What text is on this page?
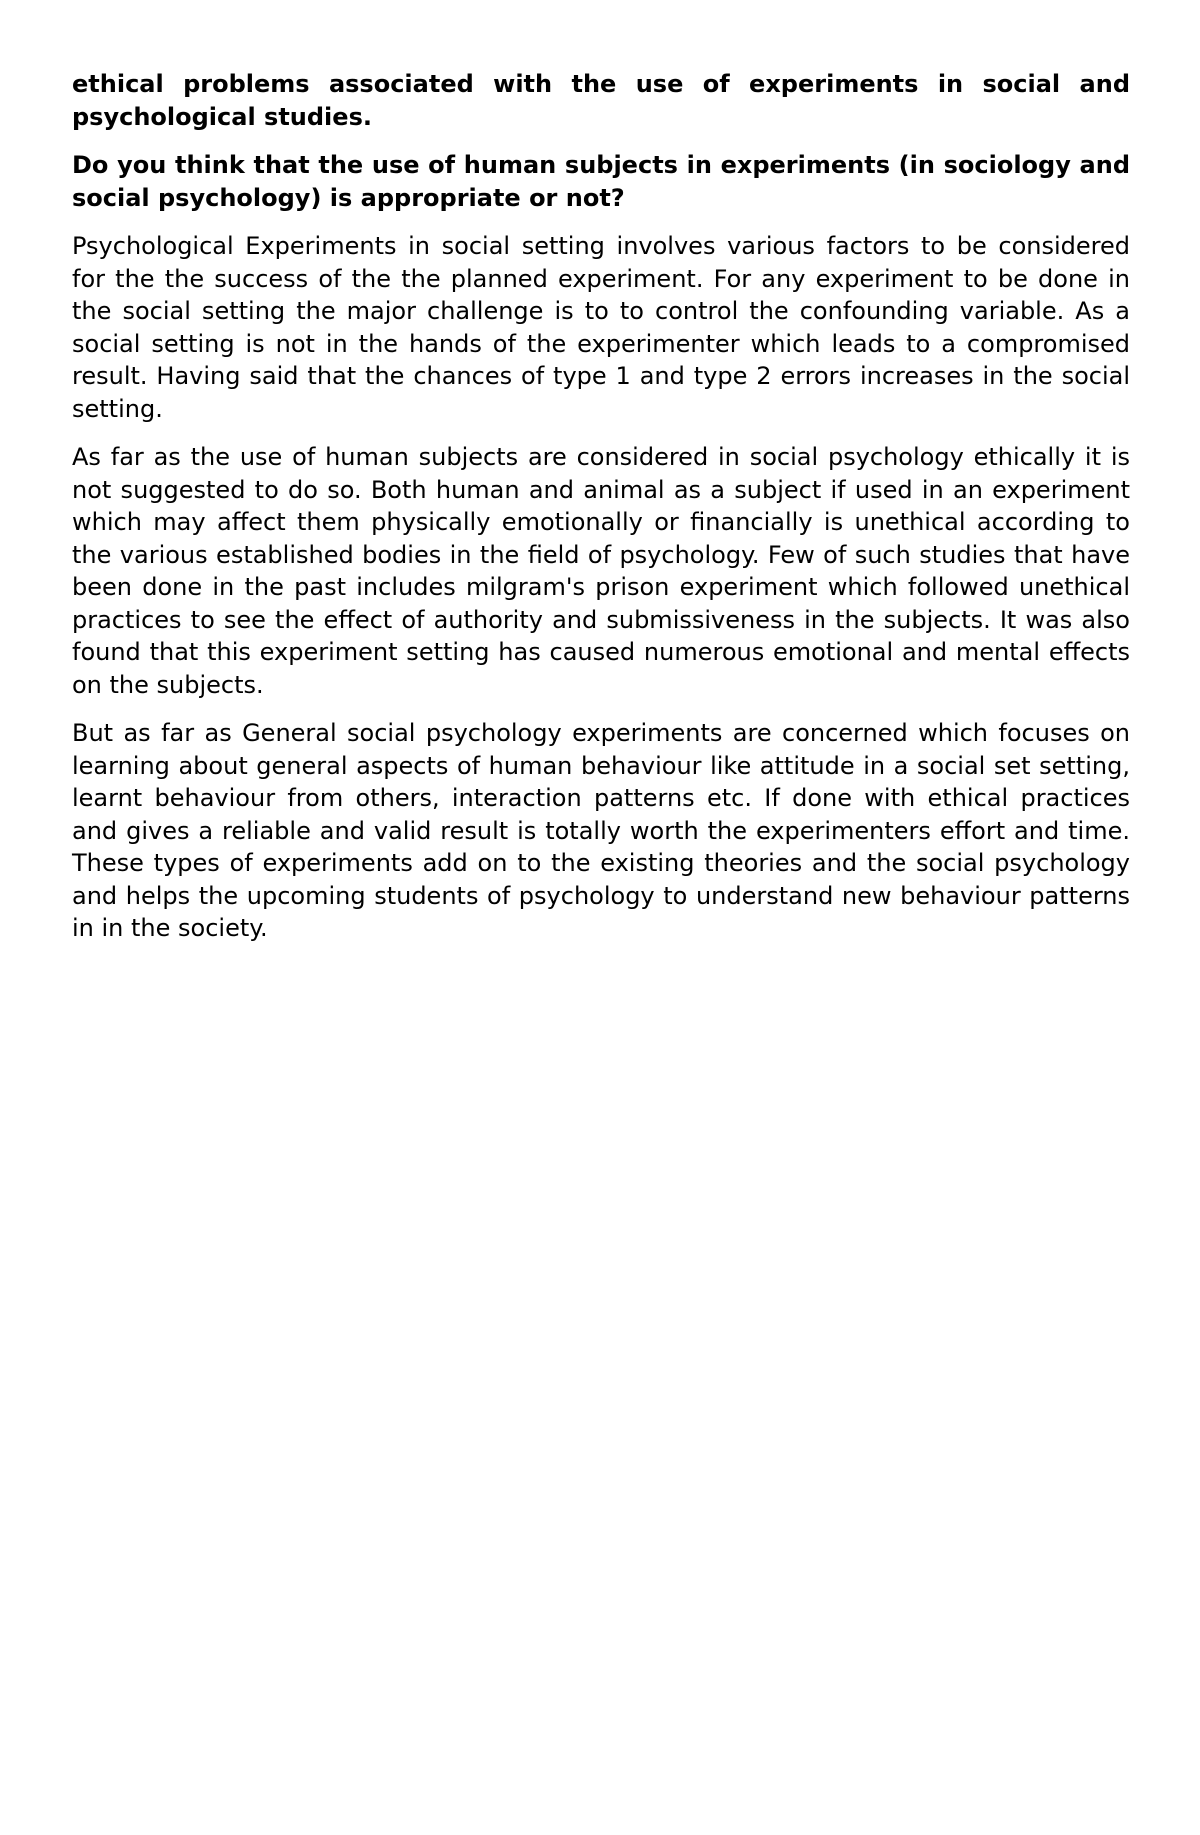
ethical problems associated with the use of experiments in social and psychological studies.

Do you think that the use of human subjects in experiments (in sociology and social psychology) is appropriate or not?

Psychological Experiments in social setting involves various factors to be considered for the the success of the the planned experiment. For any experiment to be done in the social setting the major challenge is to to control the confounding variable. As a social setting is not in the hands of the experimenter which leads to a compromised result. Having said that the chances of type 1 and type 2 errors increases in the social setting.

As far as the use of human subjects are considered in social psychology ethically it is not suggested to do so. Both human and animal as a subject if used in an experiment which may affect them physically emotionally or financially is unethical according to the various established bodies in the field of psychology. Few of such studies that have been done in the past includes milgram's prison experiment which followed unethical practices to see the effect of authority and submissiveness in the subjects. It was also found that this experiment setting has caused numerous emotional and mental effects on the subjects.

But as far as General social psychology experiments are concerned which focuses on learning about general aspects of human behaviour like attitude in a social set setting, learnt behaviour from others, interaction patterns etc. If done with ethical practices and gives a reliable and valid result is totally worth the experimenters effort and time. These types of experiments add on to the existing theories and the social psychology and helps the upcoming students of psychology to understand new behaviour patterns in in the society.
